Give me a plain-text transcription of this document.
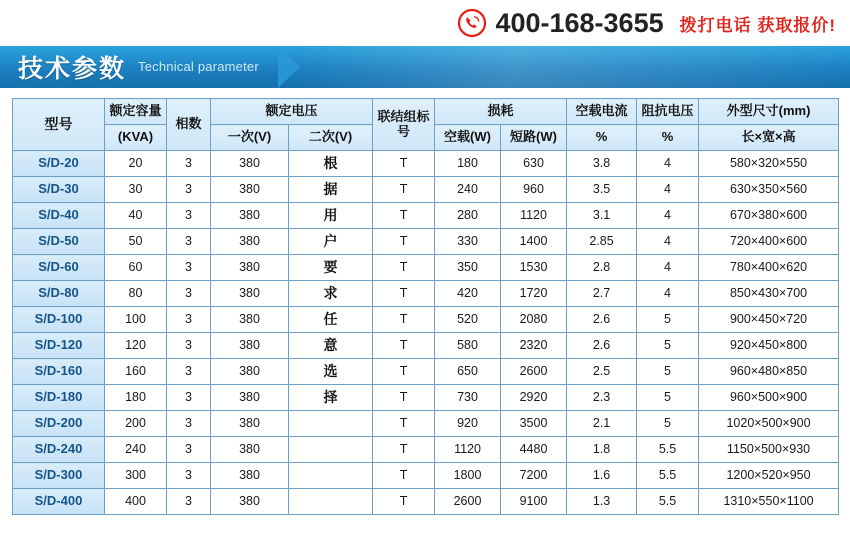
400-168-3655 拨打电话 获取报价!
技术参数 Technical parameter
型号	额定容量	相数	额定电压		联结组标号	损耗		空载电流	阻抗电压	外型尺寸(mm)

	(KVA)		一次(V)	二次(V)		空载(W)	短路(W)	%	%	长×宽×高
S/D-20	20	3	380	根	T	180	630	3.8	4	580×320×550
S/D-30	30	3	380	据	T	240	960	3.5	4	630×350×560
S/D-40	40	3	380	用	T	280	1120	3.1	4	670×380×600
S/D-50	50	3	380	户	T	330	1400	2.85	4	720×400×600
S/D-60	60	3	380	要	T	350	1530	2.8	4	780×400×620
S/D-80	80	3	380	求	T	420	1720	2.7	4	850×430×700
S/D-100	100	3	380	任	T	520	2080	2.6	5	900×450×720
S/D-120	120	3	380	意	T	580	2320	2.6	5	920×450×800
S/D-160	160	3	380	选	T	650	2600	2.5	5	960×480×850
S/D-180	180	3	380	择	T	730	2920	2.3	5	960×500×900
S/D-200	200	3	380		T	920	3500	2.1	5	1020×500×900
S/D-240	240	3	380		T	1120	4480	1.8	5.5	1150×500×930
S/D-300	300	3	380		T	1800	7200	1.6	5.5	1200×520×950
S/D-400	400	3	380		T	2600	9100	1.3	5.5	1310×550×1100
